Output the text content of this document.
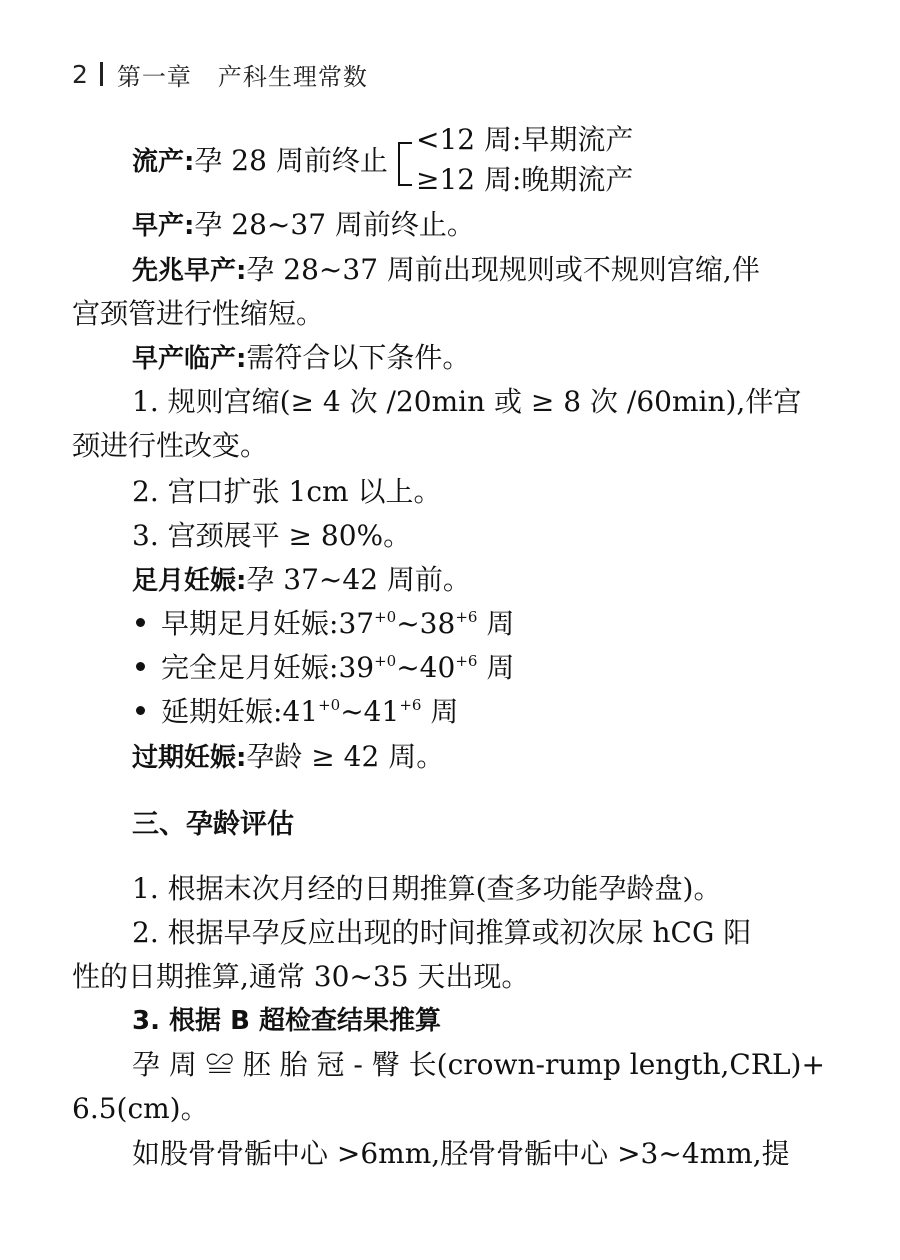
2 第一章 产科生理常数
流产:孕 28 周前终止
<12 周:早期流产
≥12 周:晚期流产
早产:孕 28~37 周前终止。
先兆早产:孕 28~37 周前出现规则或不规则宫缩,伴
宫颈管进行性缩短。
早产临产:需符合以下条件。
1. 规则宫缩(≥ 4 次 /20min 或 ≥ 8 次 /60min),伴宫
颈进行性改变。
2. 宫口扩张 1cm 以上。
3. 宫颈展平 ≥ 80%。
足月妊娠:孕 37~42 周前。
早期足月妊娠$:37^{+0}\sim 38^{+6}$ 周
完全足月妊娠$:39^{+0}\sim 40^{+6}$ 周
延期妊娠$:41^{+0}\sim 41^{+6}$ 周
过期妊娠:孕龄 ≥ 42 周。
三、孕龄评估
1. 根据末次月经的日期推算(查多功能孕龄盘)。
2. 根据早孕反应出现的时间推算或初次尿 hCG 阳
性的日期推算,通常 30~35 天出现。
3. 根据 B 超检查结果推算
孕 周 ≌ 胚 胎 冠 - 臀 长(crown-rump length,CRL)+
6.5(cm)。
如股骨骨骺中心 >6mm,胫骨骨骺中心 >3~4mm,提
